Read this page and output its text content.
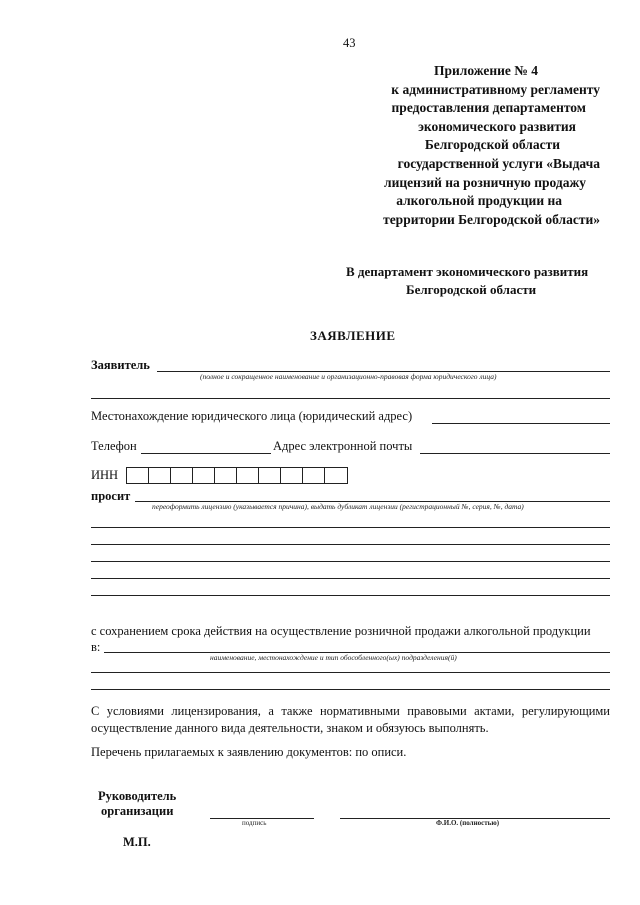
43
Приложение № 4
к административному регламенту
предоставления департаментом
экономического развития
Белгородской области
государственной услуги «Выдача
лицензий на розничную продажу
алкогольной продукции на
территории Белгородской области»
В департамент экономического развития
Белгородской области
ЗАЯВЛЕНИЕ
Заявитель
(полное и сокращенное наименование и организационно-правовая форма юридического лица)
Местонахождение юридического лица (юридический адрес)
Телефон	Адрес электронной почты
ИНН
просит
переоформить лицензию (указывается причина), выдать дубликат лицензии (регистрационный №, серия, №, дата)
с сохранением срока действия на осуществление розничной продажи алкогольной продукции
в:
наименование, местонахождение и тип обособленного(ых) подразделения(й)
С условиями лицензирования, а также нормативными правовыми актами, регулирующими осуществление данного вида деятельности, знаком и обязуюсь выполнять.
Перечень прилагаемых к заявлению документов: по описи.
Руководитель
организации
подпись	Ф.И.О. (полностью)
М.П.
